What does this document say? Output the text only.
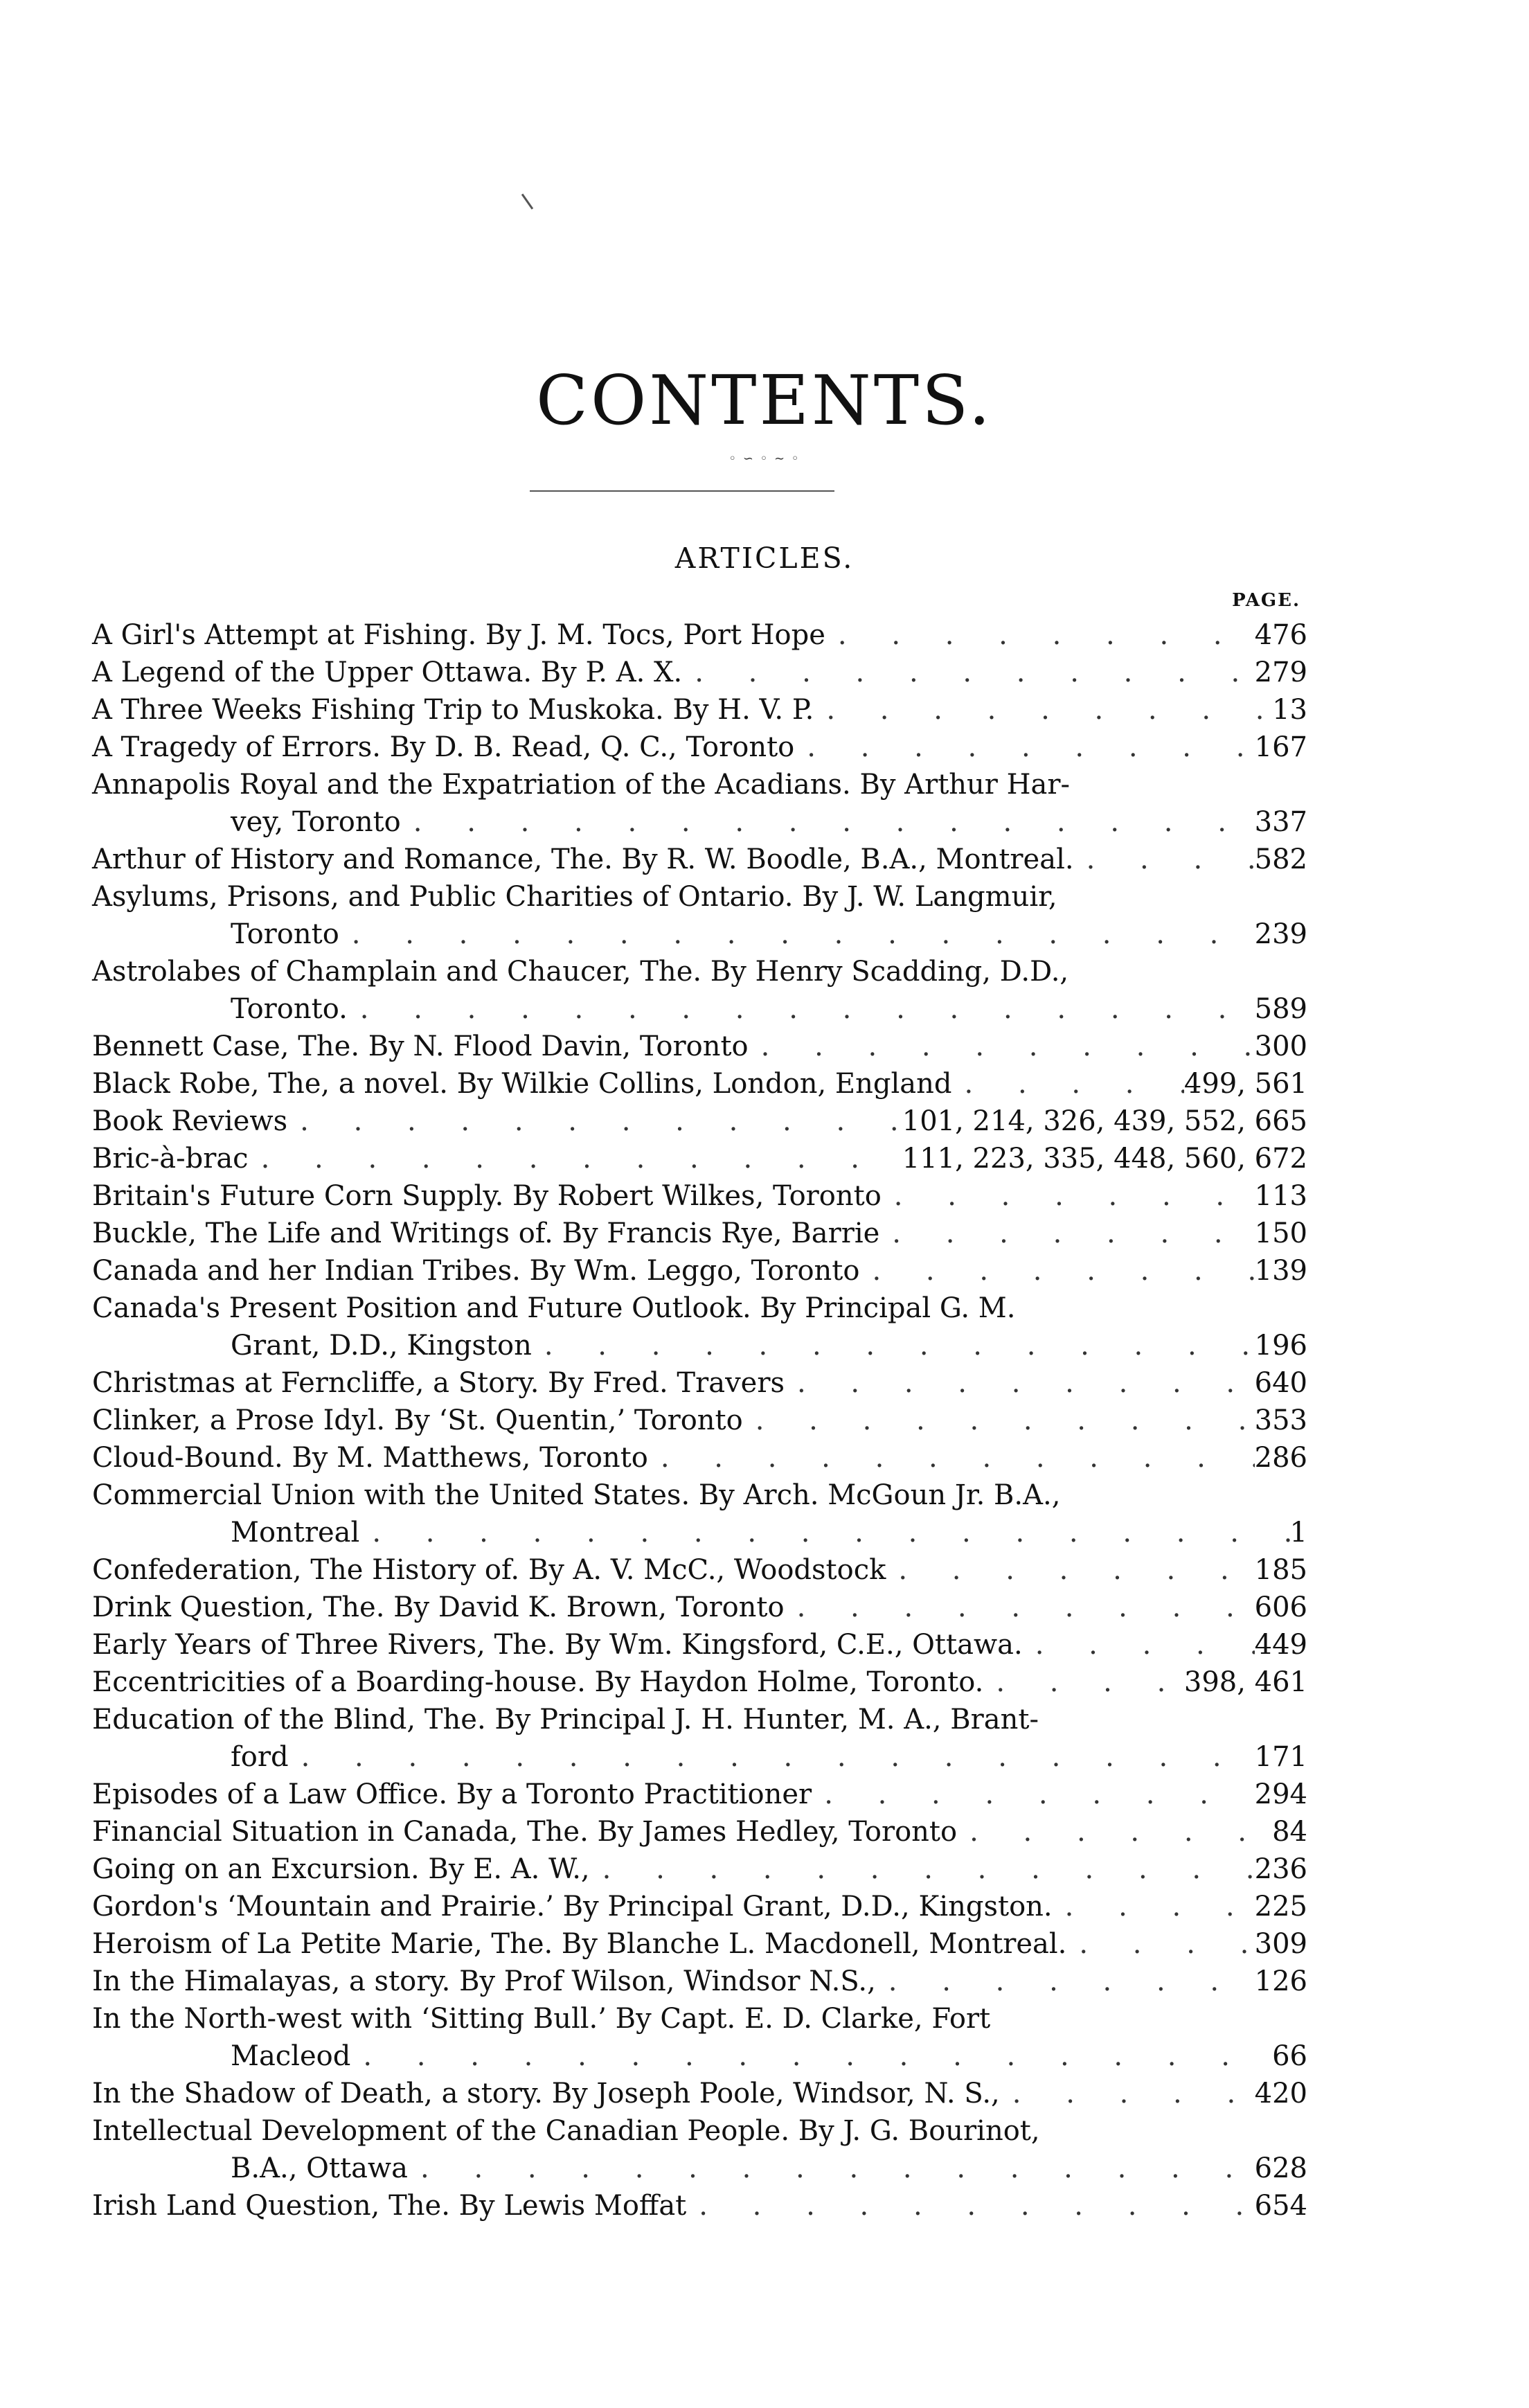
CONTENTS.
◦ ∽ ◦ ∼ ◦
ARTICLES.
PAGE.
A Girl's Attempt at Fishing. By J. M. Tocs, Port Hope . . .	476
A Legend of the Upper Ottawa. By P. A. X. . . .	279
A Three Weeks Fishing Trip to Muskoka. By H. V. P. . . .	13
A Tragedy of Errors. By D. B. Read, Q. C., Toronto . . .	167
Annapolis Royal and the Expatriation of the Acadians. By Arthur Har-
vey, Toronto . . .	337
Arthur of History and Romance, The. By R. W. Boodle, B.A., Montreal. . . .	582
Asylums, Prisons, and Public Charities of Ontario. By J. W. Langmuir,
Toronto . . .	239
Astrolabes of Champlain and Chaucer, The. By Henry Scadding, D.D.,
Toronto. . . .	589
Bennett Case, The. By N. Flood Davin, Toronto . . .	300
Black Robe, The, a novel. By Wilkie Collins, London, England . . .	499, 561
Book Reviews . . .	101, 214, 326, 439, 552, 665
Bric-à-brac . . .	111, 223, 335, 448, 560, 672
Britain's Future Corn Supply. By Robert Wilkes, Toronto . . .	113
Buckle, The Life and Writings of. By Francis Rye, Barrie . . .	150
Canada and her Indian Tribes. By Wm. Leggo, Toronto . . .	139
Canada's Present Position and Future Outlook. By Principal G. M.
Grant, D.D., Kingston . . .	196
Christmas at Ferncliffe, a Story. By Fred. Travers . . .	640
Clinker, a Prose Idyl. By ‘St. Quentin,’ Toronto . . .	353
Cloud-Bound. By M. Matthews, Toronto . . .	286
Commercial Union with the United States. By Arch. McGoun Jr. B.A.,
Montreal . . .	1
Confederation, The History of. By A. V. McC., Woodstock . . .	185
Drink Question, The. By David K. Brown, Toronto . . .	606
Early Years of Three Rivers, The. By Wm. Kingsford, C.E., Ottawa. . . .	449
Eccentricities of a Boarding-house. By Haydon Holme, Toronto. . . .	398, 461
Education of the Blind, The. By Principal J. H. Hunter, M. A., Brant-
ford . . .	171
Episodes of a Law Office. By a Toronto Practitioner . . .	294
Financial Situation in Canada, The. By James Hedley, Toronto . . .	84
Going on an Excursion. By E. A. W., . . .	236
Gordon's ‘Mountain and Prairie.’ By Principal Grant, D.D., Kingston. . . .	225
Heroism of La Petite Marie, The. By Blanche L. Macdonell, Montreal. . . .	309
In the Himalayas, a story. By Prof Wilson, Windsor N.S., . . .	126
In the North-west with ‘Sitting Bull.’ By Capt. E. D. Clarke, Fort
Macleod . . .	66
In the Shadow of Death, a story. By Joseph Poole, Windsor, N. S., . . .	420
Intellectual Development of the Canadian People. By J. G. Bourinot,
B.A., Ottawa . . .	628
Irish Land Question, The. By Lewis Moffat . . .	654
